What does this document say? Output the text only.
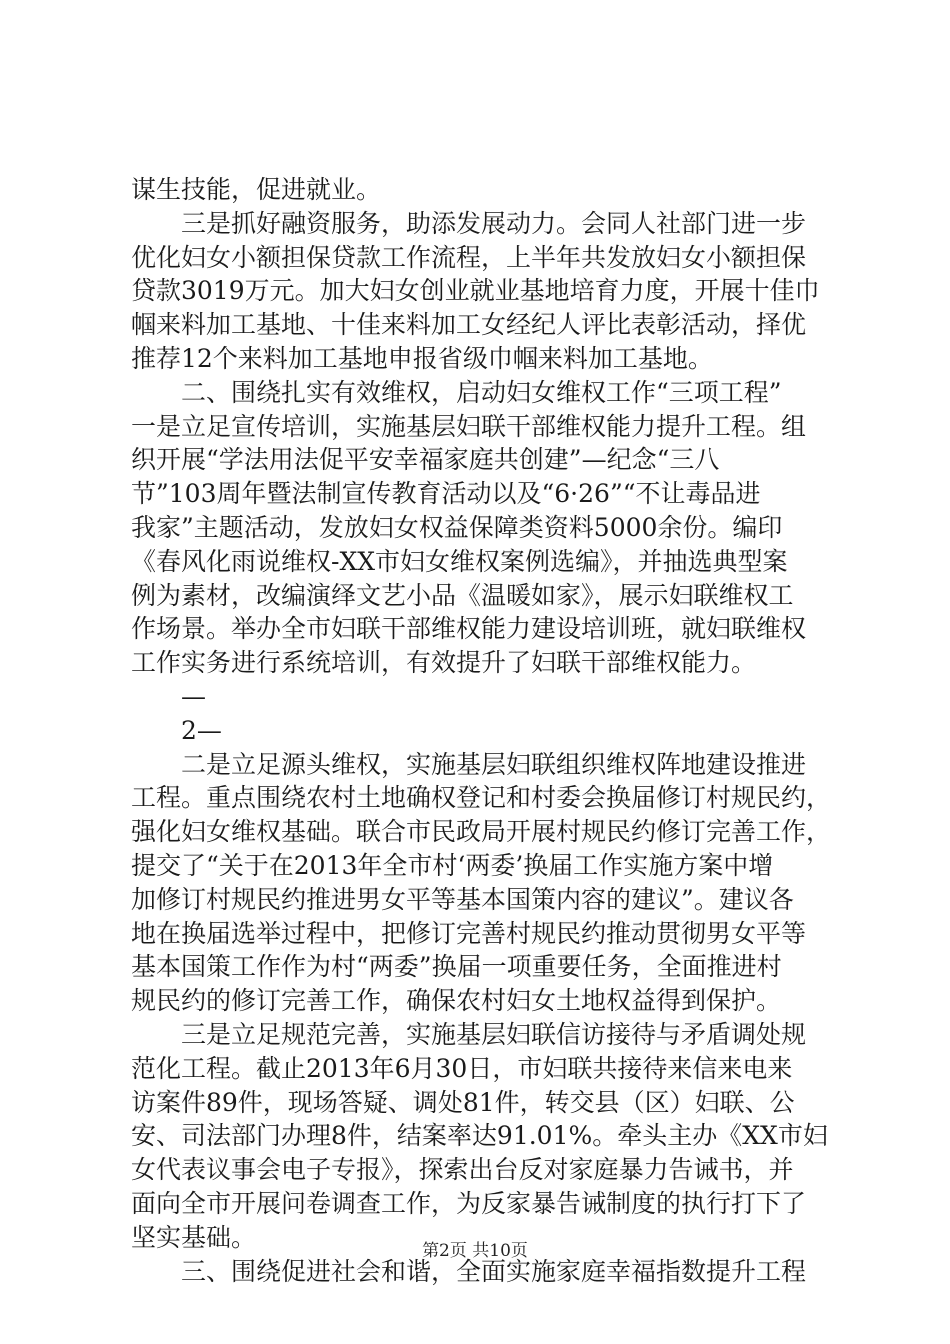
谋生技能，促进就业。
　　三是抓好融资服务，助添发展动力。会同人社部门进一步
优化妇女小额担保贷款工作流程，上半年共发放妇女小额担保
贷款3019万元。加大妇女创业就业基地培育力度，开展十佳巾
帼来料加工基地、十佳来料加工女经纪人评比表彰活动，择优
推荐12个来料加工基地申报省级巾帼来料加工基地。
　　二、围绕扎实有效维权，启动妇女维权工作“三项工程”
一是立足宣传培训，实施基层妇联干部维权能力提升工程。组
织开展“学法用法促平安幸福家庭共创建”—纪念“三八
节”103周年暨法制宣传教育活动以及“6·26”“不让毒品进
我家”主题活动，发放妇女权益保障类资料5000余份。编印
《春风化雨说维权-XX市妇女维权案例选编》，并抽选典型案
例为素材，改编演绎文艺小品《温暖如家》，展示妇联维权工
作场景。举办全市妇联干部维权能力建设培训班，就妇联维权
工作实务进行系统培训，有效提升了妇联干部维权能力。
　　—
　　2—
　　二是立足源头维权，实施基层妇联组织维权阵地建设推进
工程。重点围绕农村土地确权登记和村委会换届修订村规民约，
强化妇女维权基础。联合市民政局开展村规民约修订完善工作，
提交了“关于在2013年全市村‘两委’换届工作实施方案中增
加修订村规民约推进男女平等基本国策内容的建议”。建议各
地在换届选举过程中，把修订完善村规民约推动贯彻男女平等
基本国策工作作为村“两委”换届一项重要任务，全面推进村
规民约的修订完善工作，确保农村妇女土地权益得到保护。
　　三是立足规范完善，实施基层妇联信访接待与矛盾调处规
范化工程。截止2013年6月30日，市妇联共接待来信来电来
访案件89件，现场答疑、调处81件，转交县（区）妇联、公
安、司法部门办理8件，结案率达91.01%。牵头主办《XX市妇
女代表议事会电子专报》，探索出台反对家庭暴力告诫书，并
面向全市开展问卷调查工作，为反家暴告诫制度的执行打下了
坚实基础。
　　三、围绕促进社会和谐，全面实施家庭幸福指数提升工程
第2页 共10页
